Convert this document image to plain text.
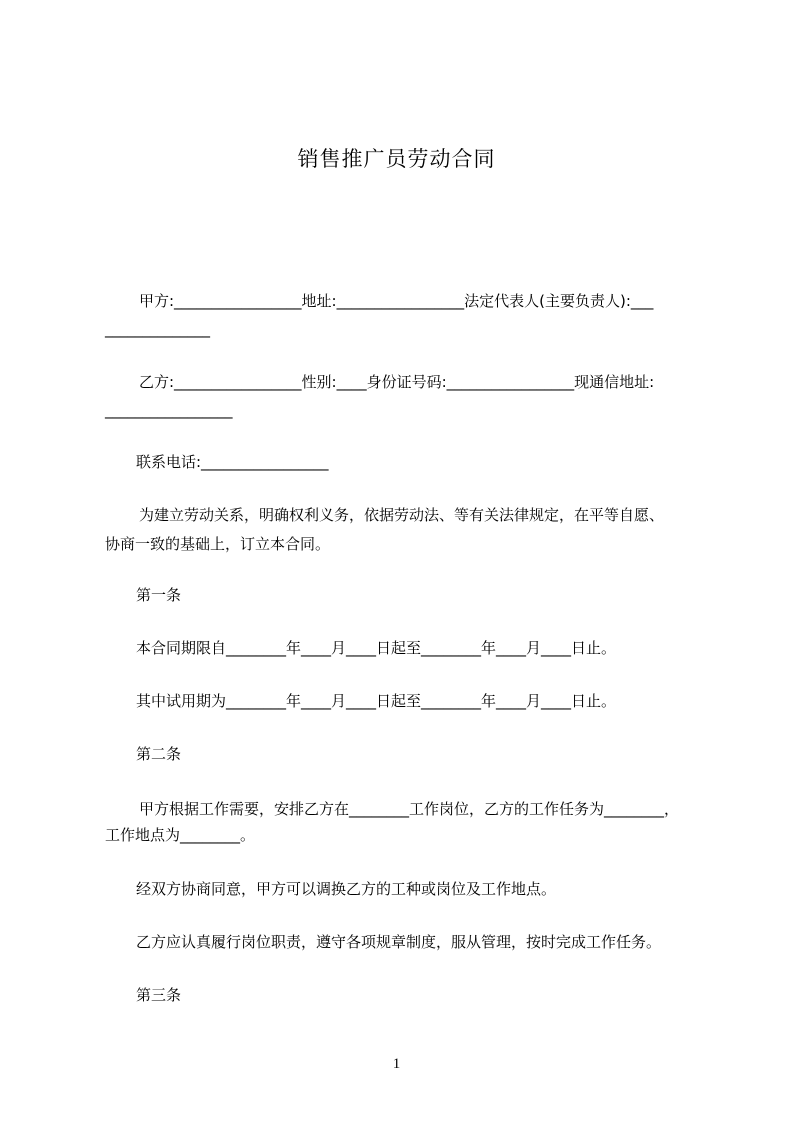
销售推广员劳动合同
甲方:_________________地址:_________________法定代表人(主要负责人):___
______________
乙方:_________________性别:____身份证号码:_________________现通信地址:
_________________
联系电话:_________________
为建立劳动关系，明确权利义务，依据劳动法、等有关法律规定，在平等自愿、
协商一致的基础上，订立本合同。
第一条
本合同期限自________年____月____日起至________年____月____日止。
其中试用期为________年____月____日起至________年____月____日止。
第二条
甲方根据工作需要，安排乙方在________工作岗位，乙方的工作任务为________，
工作地点为________。
经双方协商同意，甲方可以调换乙方的工种或岗位及工作地点。
乙方应认真履行岗位职责，遵守各项规章制度，服从管理，按时完成工作任务。
第三条
1
